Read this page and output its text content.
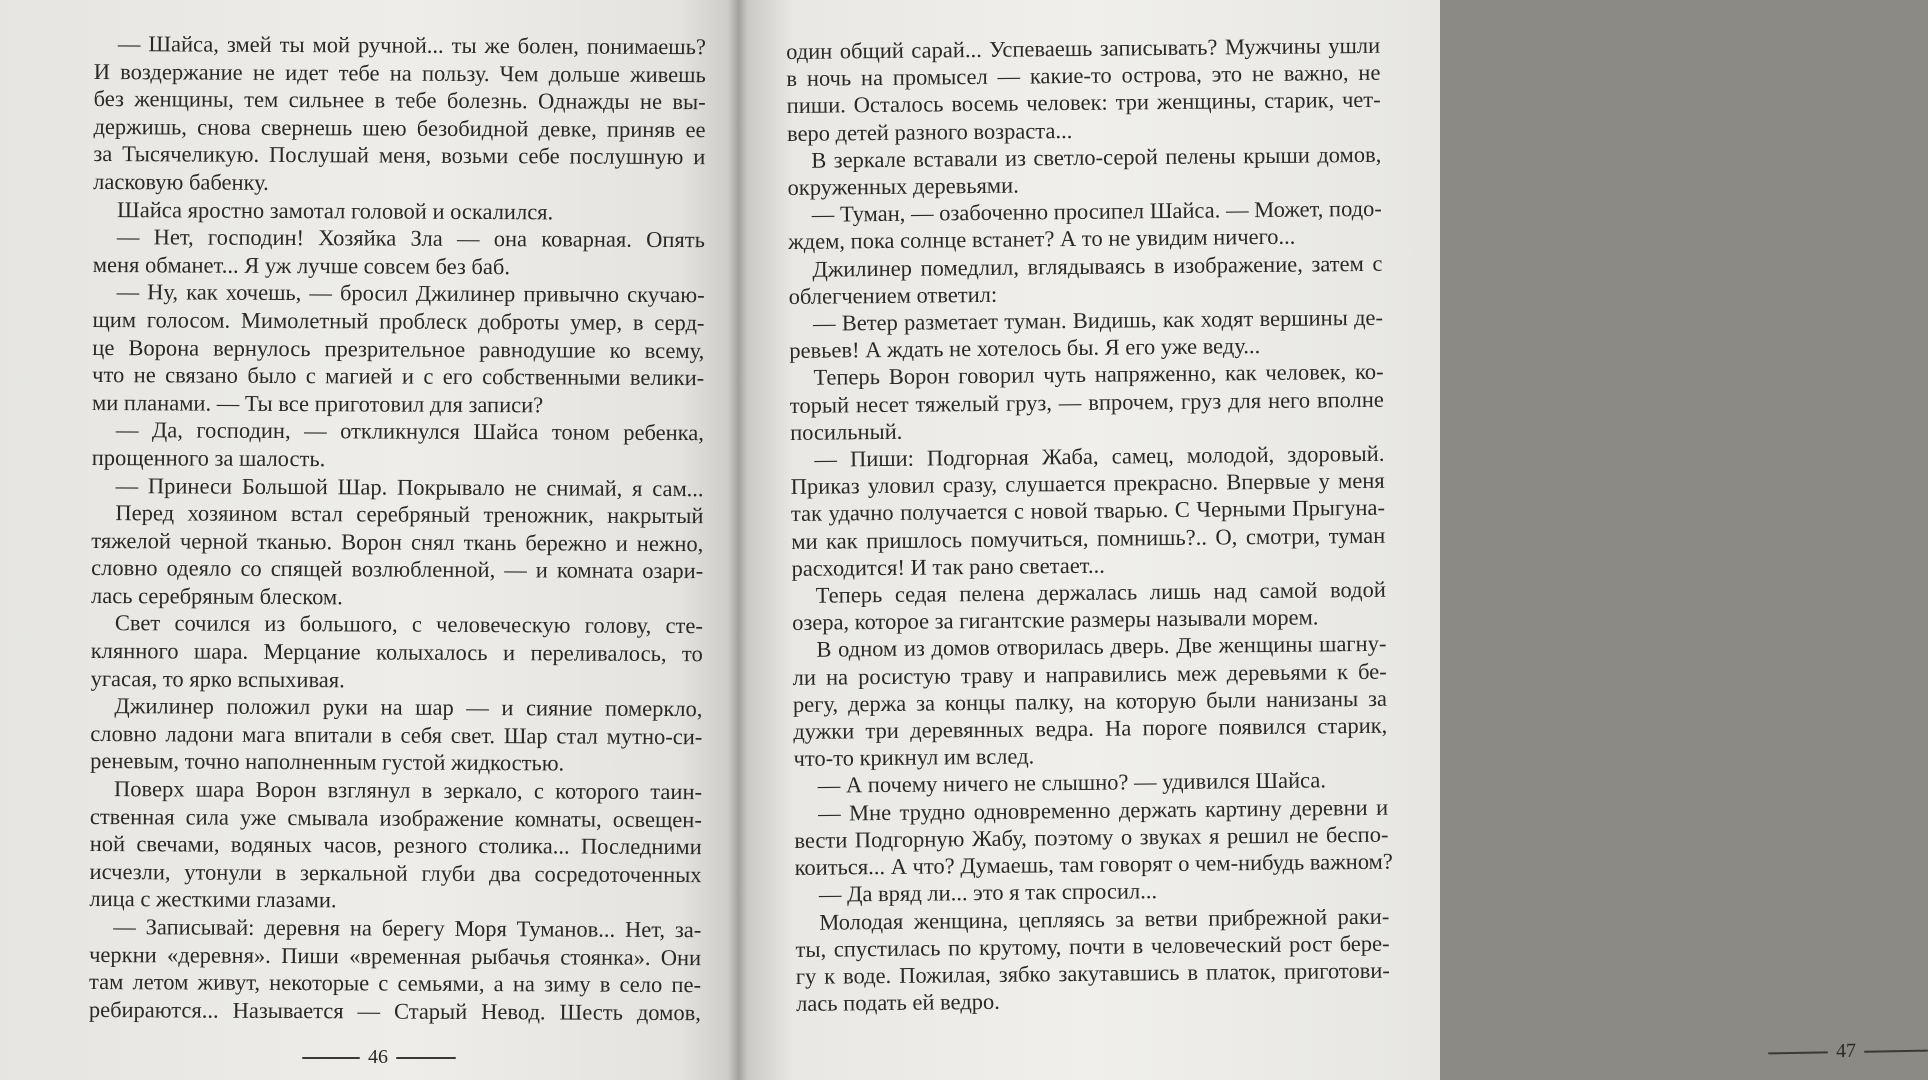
— Шайса, змей ты мой ручной... ты же болен, понимаешь?
И воздержание не идет тебе на пользу. Чем дольше живешь
без женщины, тем сильнее в тебе болезнь. Однажды не вы-
держишь, снова свернешь шею безобидной девке, приняв ее
за Тысячеликую. Послушай меня, возьми себе послушную и
ласковую бабенку.
Шайса яростно замотал головой и оскалился.
— Нет, господин! Хозяйка Зла — она коварная. Опять
меня обманет... Я уж лучше совсем без баб.
— Ну, как хочешь, — бросил Джилинер привычно скучаю-
щим голосом. Мимолетный проблеск доброты умер, в серд-
це Ворона вернулось презрительное равнодушие ко всему,
что не связано было с магией и с его собственными велики-
ми планами. — Ты все приготовил для записи?
— Да, господин, — откликнулся Шайса тоном ребенка,
прощенного за шалость.
— Принеси Большой Шар. Покрывало не снимай, я сам...
Перед хозяином встал серебряный треножник, накрытый
тяжелой черной тканью. Ворон снял ткань бережно и нежно,
словно одеяло со спящей возлюбленной, — и комната озари-
лась серебряным блеском.
Свет сочился из большого, с человеческую голову, сте-
клянного шара. Мерцание колыхалось и переливалось, то
угасая, то ярко вспыхивая.
Джилинер положил руки на шар — и сияние померкло,
словно ладони мага впитали в себя свет. Шар стал мутно-си-
реневым, точно наполненным густой жидкостью.
Поверх шара Ворон взглянул в зеркало, с которого таин-
ственная сила уже смывала изображение комнаты, освещен-
ной свечами, водяных часов, резного столика... Последними
исчезли, утонули в зеркальной глуби два сосредоточенных
лица с жесткими глазами.
— Записывай: деревня на берегу Моря Туманов... Нет, за-
черкни «деревня». Пиши «временная рыбачья стоянка». Они
там летом живут, некоторые с семьями, а на зиму в село пе-
ребираются... Называется — Старый Невод. Шесть домов,
46
один общий сарай... Успеваешь записывать? Мужчины ушли
в ночь на промысел — какие-то острова, это не важно, не
пиши. Осталось восемь человек: три женщины, старик, чет-
веро детей разного возраста...
В зеркале вставали из светло-серой пелены крыши домов,
окруженных деревьями.
— Туман, — озабоченно просипел Шайса. — Может, подо-
ждем, пока солнце встанет? А то не увидим ничего...
Джилинер помедлил, вглядываясь в изображение, затем с
облегчением ответил:
— Ветер разметает туман. Видишь, как ходят вершины де-
ревьев! А ждать не хотелось бы. Я его уже веду...
Теперь Ворон говорил чуть напряженно, как человек, ко-
торый несет тяжелый груз, — впрочем, груз для него вполне
посильный.
— Пиши: Подгорная Жаба, самец, молодой, здоровый.
Приказ уловил сразу, слушается прекрасно. Впервые у меня
так удачно получается с новой тварью. С Черными Прыгуна-
ми как пришлось помучиться, помнишь?.. О, смотри, туман
расходится! И так рано светает...
Теперь седая пелена держалась лишь над самой водой
озера, которое за гигантские размеры называли морем.
В одном из домов отворилась дверь. Две женщины шагну-
ли на росистую траву и направились меж деревьями к бе-
регу, держа за концы палку, на которую были нанизаны за
дужки три деревянных ведра. На пороге появился старик,
что-то крикнул им вслед.
— А почему ничего не слышно? — удивился Шайса.
— Мне трудно одновременно держать картину деревни и
вести Подгорную Жабу, поэтому о звуках я решил не беспо-
коиться... А что? Думаешь, там говорят о чем-нибудь важном?
— Да вряд ли... это я так спросил...
Молодая женщина, цепляясь за ветви прибрежной раки-
ты, спустилась по крутому, почти в человеческий рост бере-
гу к воде. Пожилая, зябко закутавшись в платок, приготови-
лась подать ей ведро.
47
